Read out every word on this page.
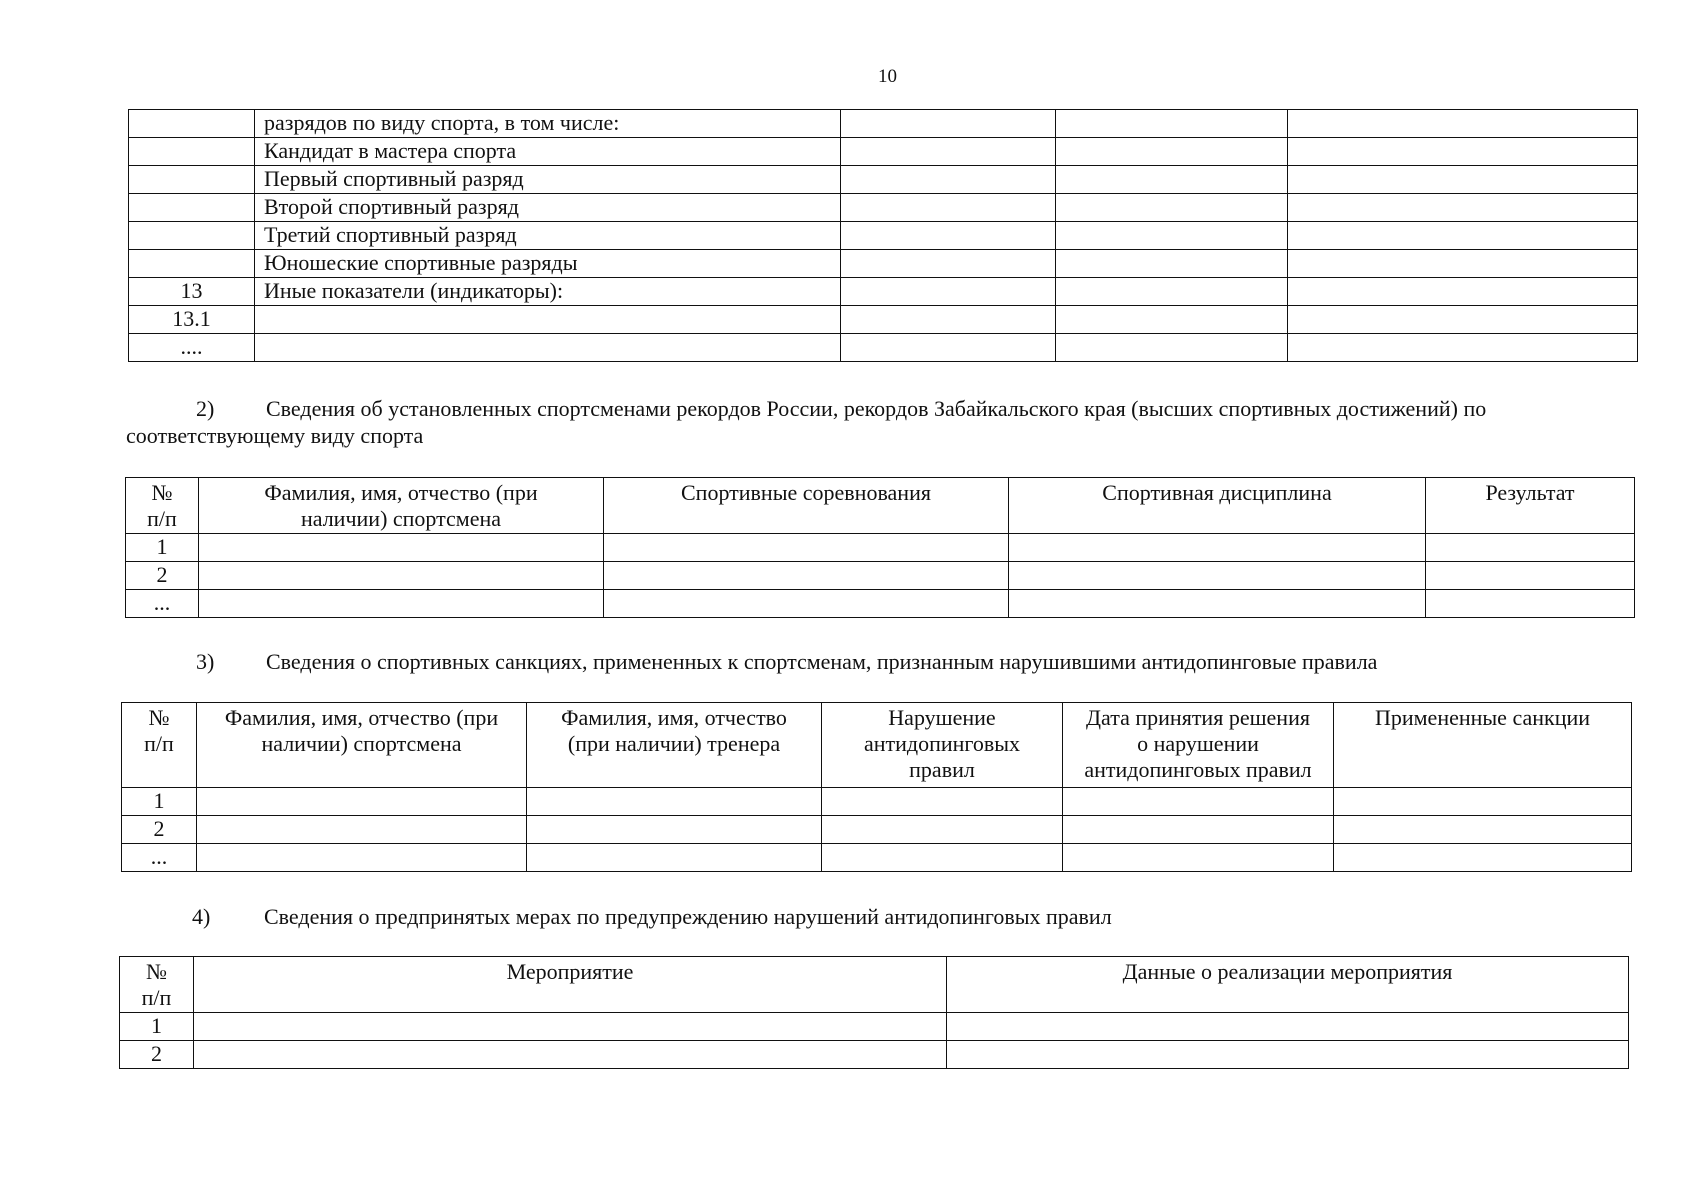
10
	разрядов по виду спорта, в том числе:			
	Кандидат в мастера спорта			
	Первый спортивный разряд			
	Второй спортивный разряд			
	Третий спортивный разряд			
	Юношеские спортивные разряды			
13	Иные показатели (индикаторы):			
13.1				
....				
2) Сведения об установленных спортсменами рекордов России, рекордов Забайкальского края (высших спортивных достижений) по
соответствующему виду спорта
№
п/п	Фамилия, имя, отчество (при
наличии) спортсмена	Спортивные соревнования	Спортивная дисциплина	Результат
1				
2				
...				
3) Сведения о спортивных санкциях, примененных к спортсменам, признанным нарушившими антидопинговые правила
№
п/п	Фамилия, имя, отчество (при
наличии) спортсмена	Фамилия, имя, отчество
(при наличии) тренера	Нарушение
антидопинговых
правил	Дата принятия решения
о нарушении
антидопинговых правил	Примененные санкции
1					
2					
...					
4) Сведения о предпринятых мерах по предупреждению нарушений антидопинговых правил
№
п/п	Мероприятие	Данные о реализации мероприятия
1		
2		
